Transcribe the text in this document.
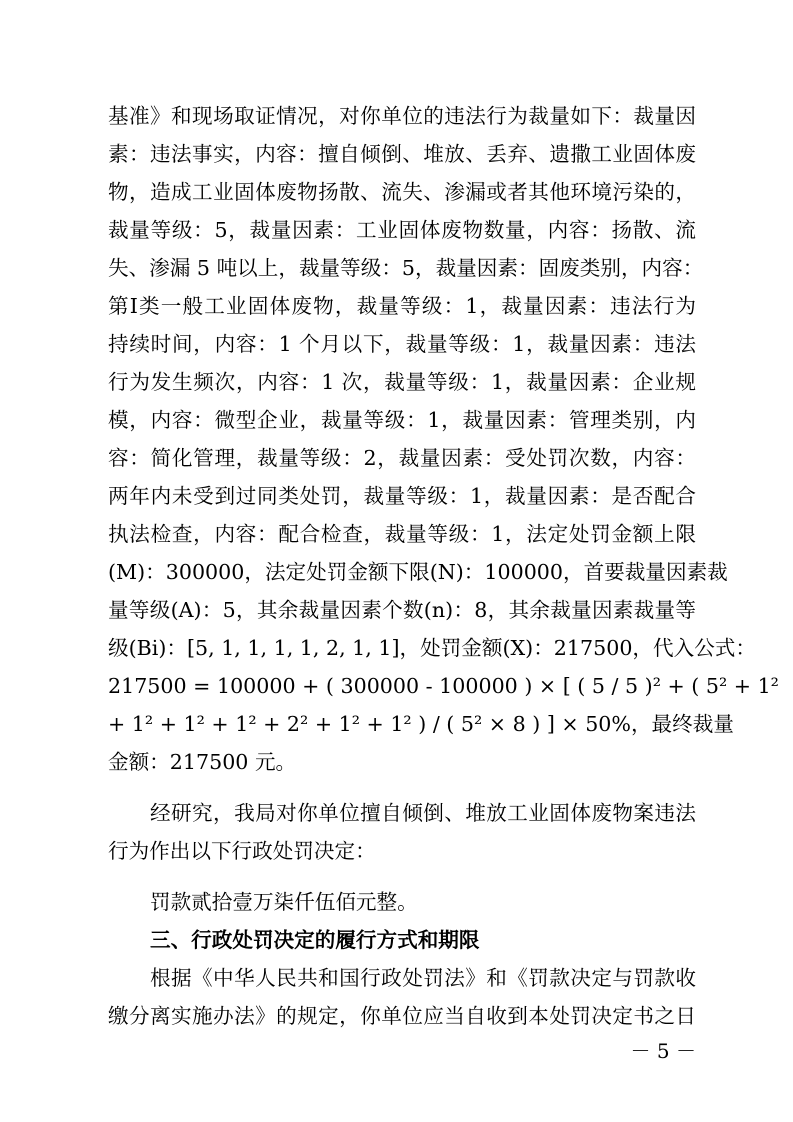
基准》和现场取证情况，对你单位的违法行为裁量如下：裁量因
素：违法事实，内容：擅自倾倒、堆放、丢弃、遗撒工业固体废
物，造成工业固体废物扬散、流失、渗漏或者其他环境污染的，
裁量等级：5，裁量因素：工业固体废物数量，内容：扬散、流
失、渗漏 5 吨以上，裁量等级：5，裁量因素：固废类别，内容：
第Ⅰ类一般工业固体废物，裁量等级：1，裁量因素：违法行为
持续时间，内容：1 个月以下，裁量等级：1，裁量因素：违法
行为发生频次，内容：1 次，裁量等级：1，裁量因素：企业规
模，内容：微型企业，裁量等级：1，裁量因素：管理类别，内
容：简化管理，裁量等级：2，裁量因素：受处罚次数，内容：
两年内未受到过同类处罚，裁量等级：1，裁量因素：是否配合
执法检查，内容：配合检查，裁量等级：1，法定处罚金额上限
(M)：300000，法定处罚金额下限(N)：100000，首要裁量因素裁
量等级(A)：5，其余裁量因素个数(n)：8，其余裁量因素裁量等
级(Bi)：[5, 1, 1, 1, 1, 2, 1, 1]，处罚金额(X)：217500，代入公式：
217500 = 100000 + ( 300000 - 100000 ) × [ ( 5 / 5 )² + ( 5² + 1²
+ 1² + 1² + 1² + 2² + 1² + 1² ) / ( 5² × 8 ) ] × 50%，最终裁量
金额：217500 元。
经研究，我局对你单位擅自倾倒、堆放工业固体废物案违法
行为作出以下行政处罚决定：
罚款贰拾壹万柒仟伍佰元整。
三、行政处罚决定的履行方式和期限
根据《中华人民共和国行政处罚法》和《罚款决定与罚款收
缴分离实施办法》的规定，你单位应当自收到本处罚决定书之日
－ 5 －
